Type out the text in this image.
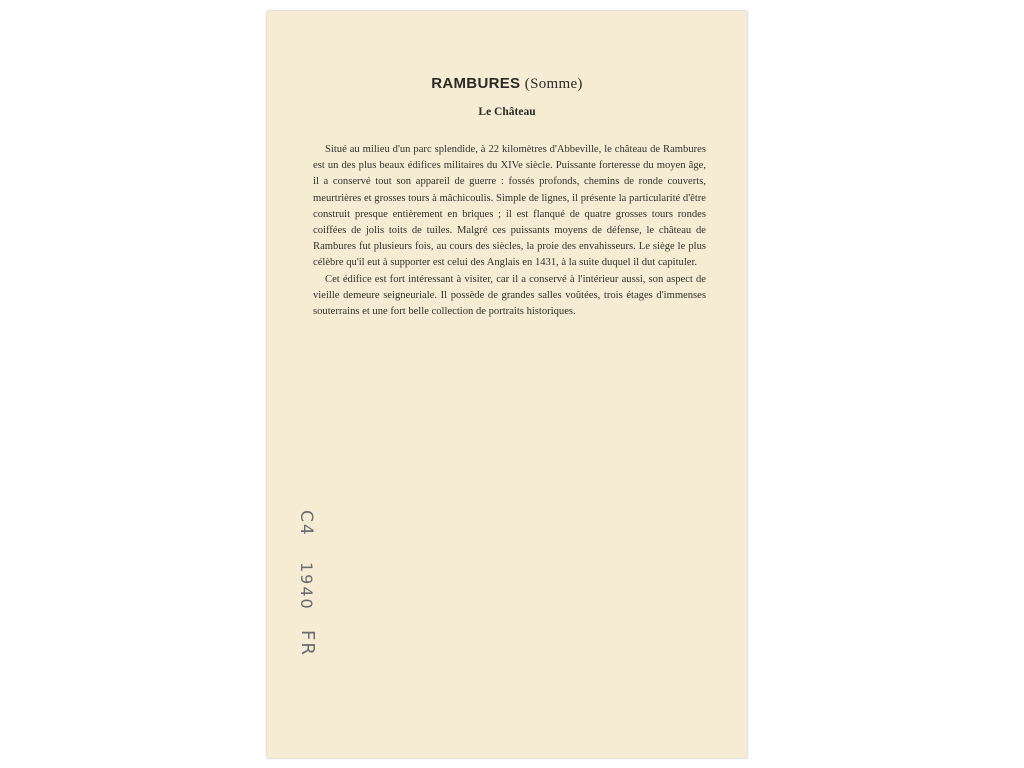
RAMBURES (Somme)
Le Château

Situé au milieu d'un parc splendide, à 22 kilomètres d'Abbeville, le château de Rambures est un des plus beaux édifices militaires du XIVe siècle. Puissante forteresse du moyen âge, il a conservé tout son appareil de guerre : fossés profonds, chemins de ronde couverts, meurtrières et grosses tours à mâchicoulis. Simple de lignes, il présente la particularité d'être construit presque entièrement en briques ; il est flanqué de quatre grosses tours rondes coiffées de jolis toits de tuiles. Malgré ces puissants moyens de défense, le château de Rambures fut plusieurs fois, au cours des siècles, la proie des envahisseurs. Le siège le plus célèbre qu'il eut à supporter est celui des Anglais en 1431, à la suite duquel il dut capituler.

Cet édifice est fort intéressant à visiter, car il a conservé à l'intérieur aussi, son aspect de vieille demeure seigneuriale. Il possède de grandes salles voûtées, trois étages d'immenses souterrains et une fort belle collection de portraits historiques.

C4
1940
FR
